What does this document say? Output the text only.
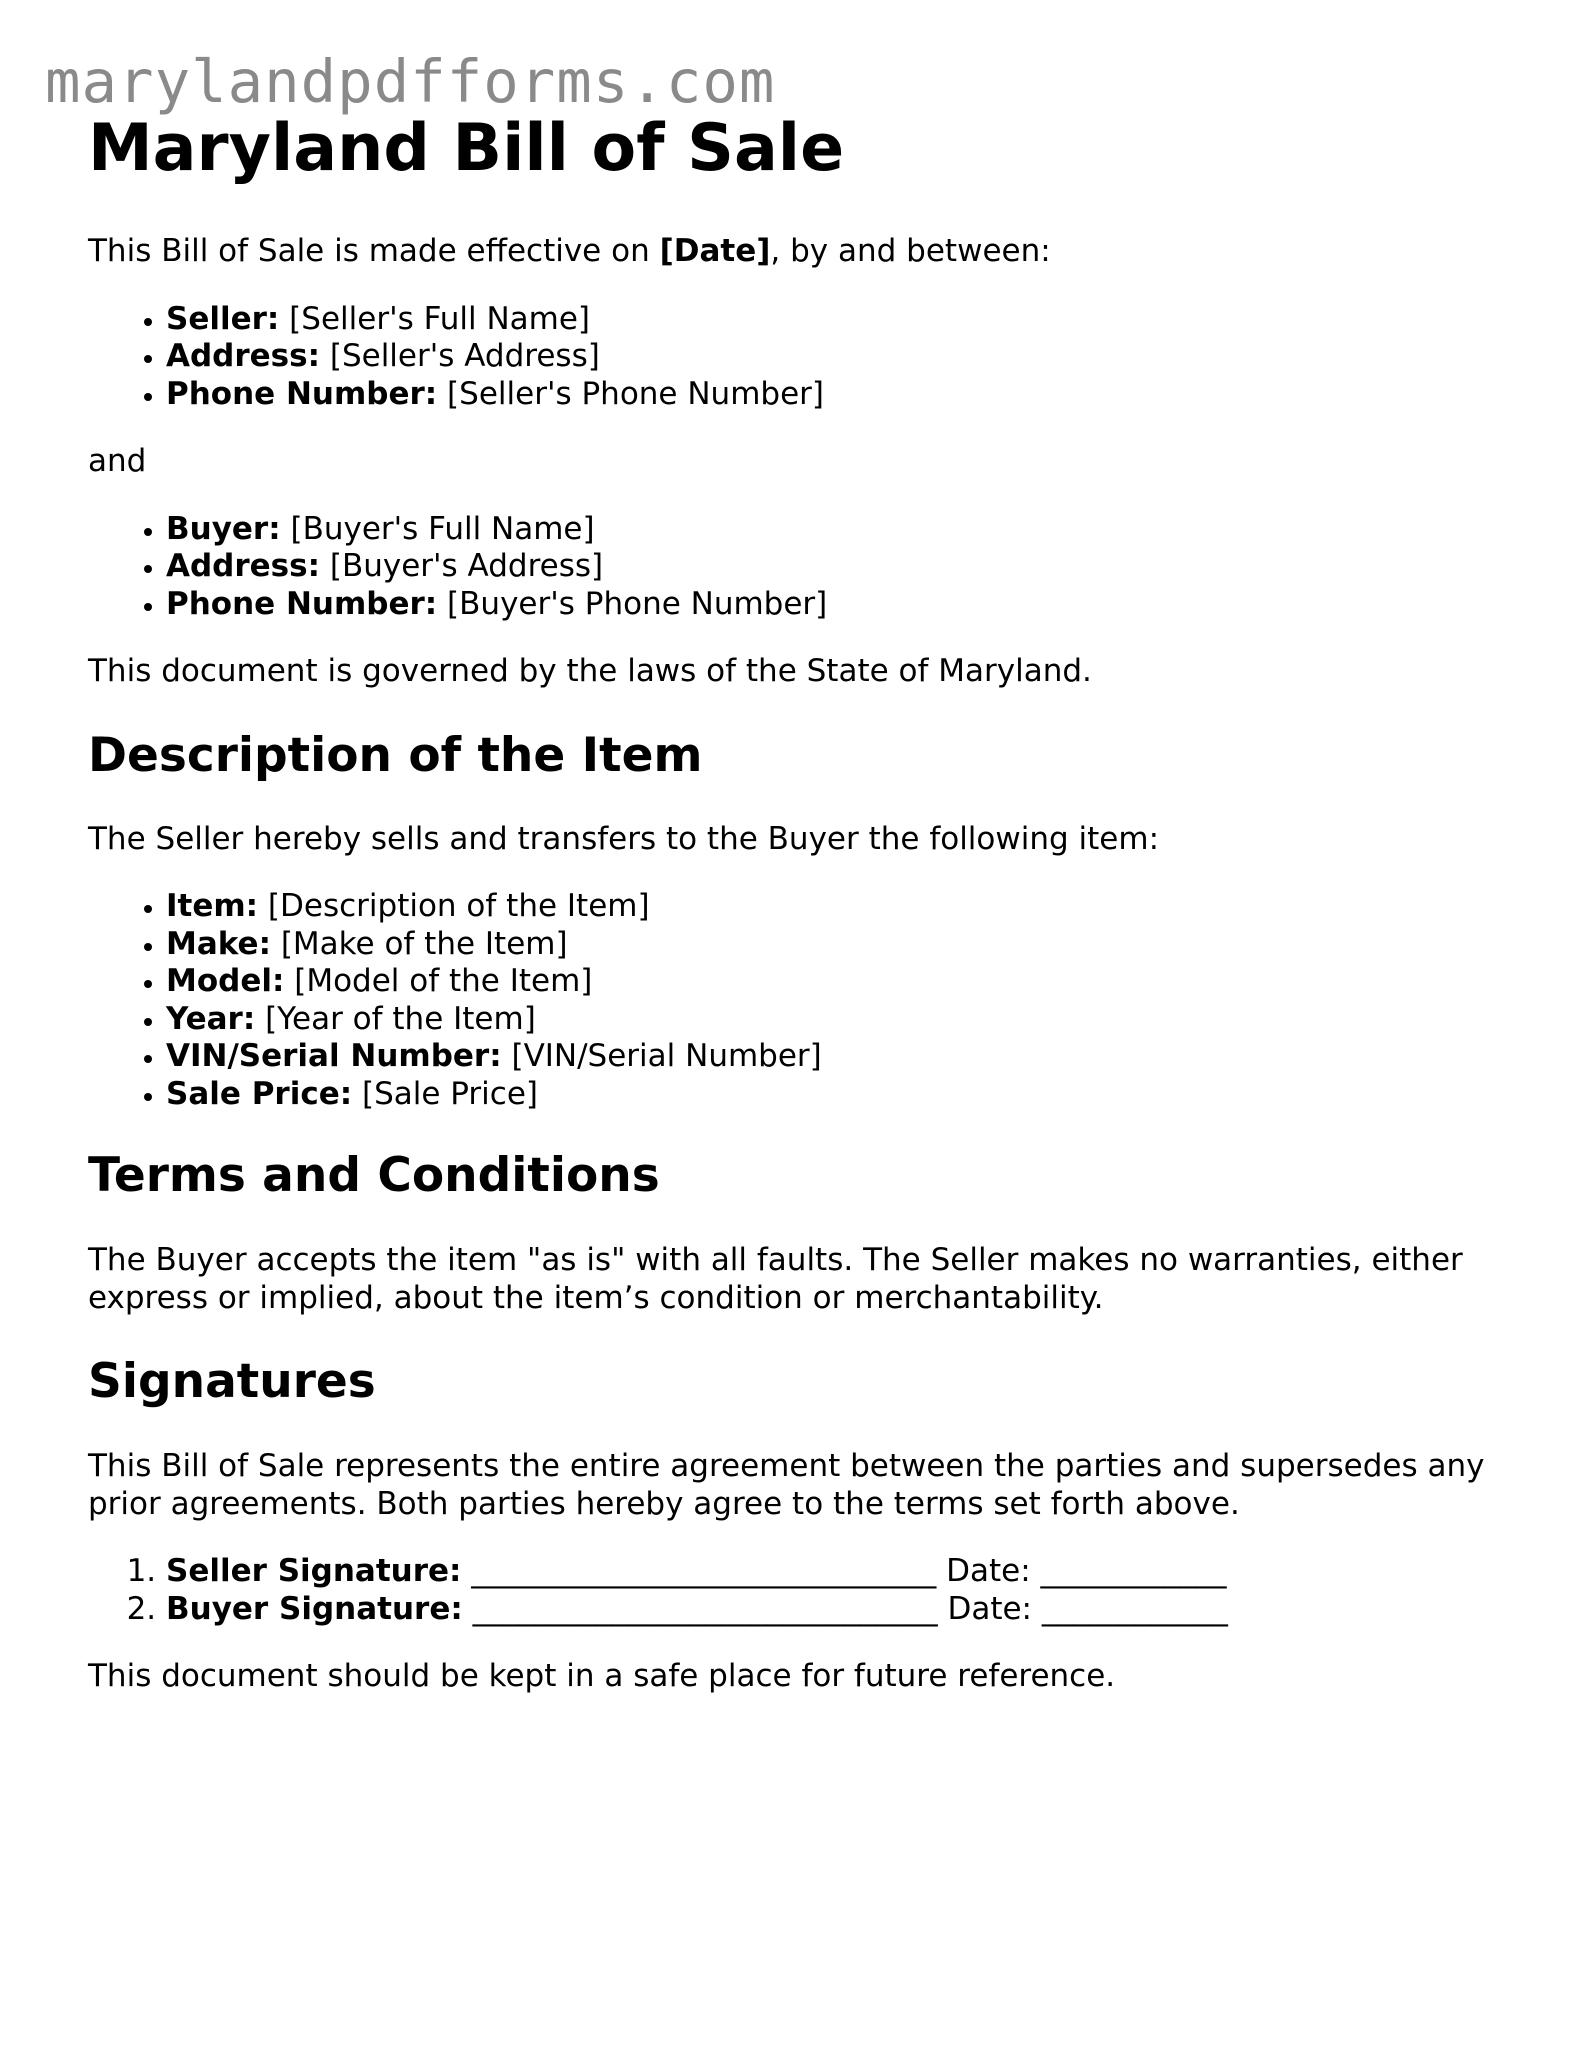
marylandpdfforms.com
Maryland Bill of Sale

This Bill of Sale is made effective on [Date], by and between:

• Seller: [Seller's Full Name]
• Address: [Seller's Address]
• Phone Number: [Seller's Phone Number]

and

• Buyer: [Buyer's Full Name]
• Address: [Buyer's Address]
• Phone Number: [Buyer's Phone Number]

This document is governed by the laws of the State of Maryland.

Description of the Item

The Seller hereby sells and transfers to the Buyer the following item:

• Item: [Description of the Item]
• Make: [Make of the Item]
• Model: [Model of the Item]
• Year: [Year of the Item]
• VIN/Serial Number: [VIN/Serial Number]
• Sale Price: [Sale Price]
Terms and Conditions

The Buyer accepts the item "as is" with all faults. The Seller makes no warranties, either express or implied, about the item’s condition or merchantability.

Signatures

This Bill of Sale represents the entire agreement between the parties and supersedes any prior agreements. Both parties hereby agree to the terms set forth above.

1. Seller Signature: ______________________________ Date: ____________
2. Buyer Signature: ______________________________ Date: ____________

This document should be kept in a safe place for future reference.
